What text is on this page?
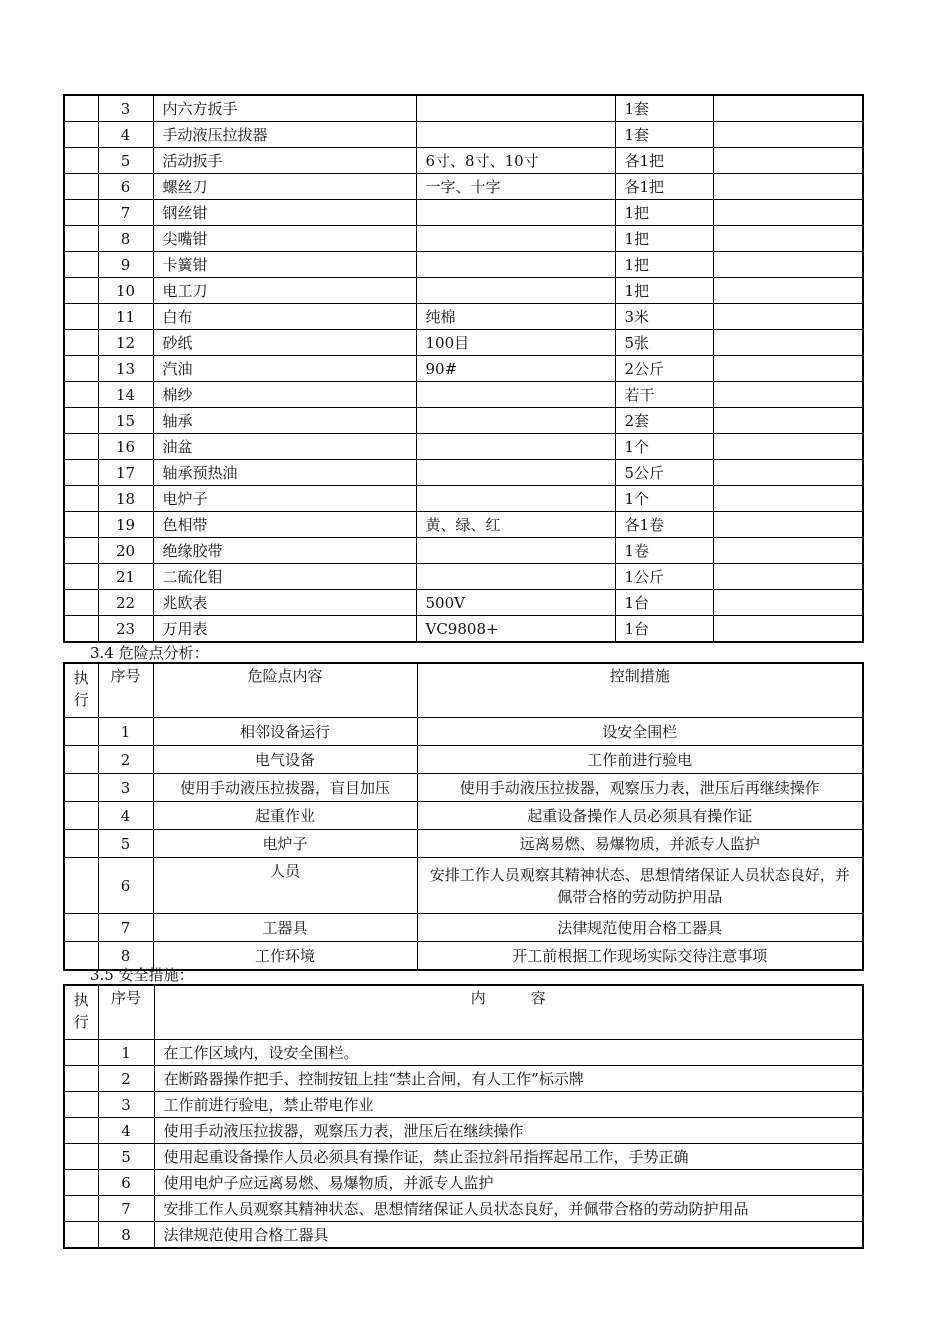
	3	内六方扳手		1套	
	4	手动液压拉拔器		1套	
	5	活动扳手	6寸、8寸、10寸	各1把	
	6	螺丝刀	一字、十字	各1把	
	7	钢丝钳		1把	
	8	尖嘴钳		1把	
	9	卡簧钳		1把	
	10	电工刀		1把	
	11	白布	纯棉	3米	
	12	砂纸	100目	5张	
	13	汽油	90#	2公斤	
	14	棉纱		若干	
	15	轴承		2套	
	16	油盆		1个	
	17	轴承预热油		5公斤	
	18	电炉子		1个	
	19	色相带	黄、绿、红	各1卷	
	20	绝缘胶带		1卷	
	21	二硫化钼		1公斤	
	22	兆欧表	500V	1台	
	23	万用表	VC9808+	1台	
3.4 危险点分析：
执
行	序号	危险点内容	控制措施
	1	相邻设备运行	设安全围栏
	2	电气设备	工作前进行验电
	3	使用手动液压拉拔器，盲目加压	使用手动液压拉拔器，观察压力表，泄压后再继续操作
	4	起重作业	起重设备操作人员必须具有操作证
	5	电炉子	远离易燃、易爆物质，并派专人监护
	6	人员	安排工作人员观察其精神状态、思想情绪保证人员状态良好，并佩带合格的劳动防护用品
	7	工器具	法律规范使用合格工器具
	8	工作环境	开工前根据工作现场实际交待注意事项
3.5 安全措施：
执
行	序号	内　　　容
	1	在工作区域内，设安全围栏。
	2	在断路器操作把手、控制按钮上挂“禁止合闸，有人工作”标示牌
	3	工作前进行验电，禁止带电作业
	4	使用手动液压拉拔器，观察压力表，泄压后在继续操作
	5	使用起重设备操作人员必须具有操作证，禁止歪拉斜吊指挥起吊工作，手势正确
	6	使用电炉子应远离易燃、易爆物质，并派专人监护
	7	安排工作人员观察其精神状态、思想情绪保证人员状态良好，并佩带合格的劳动防护用品
	8	法律规范使用合格工器具
